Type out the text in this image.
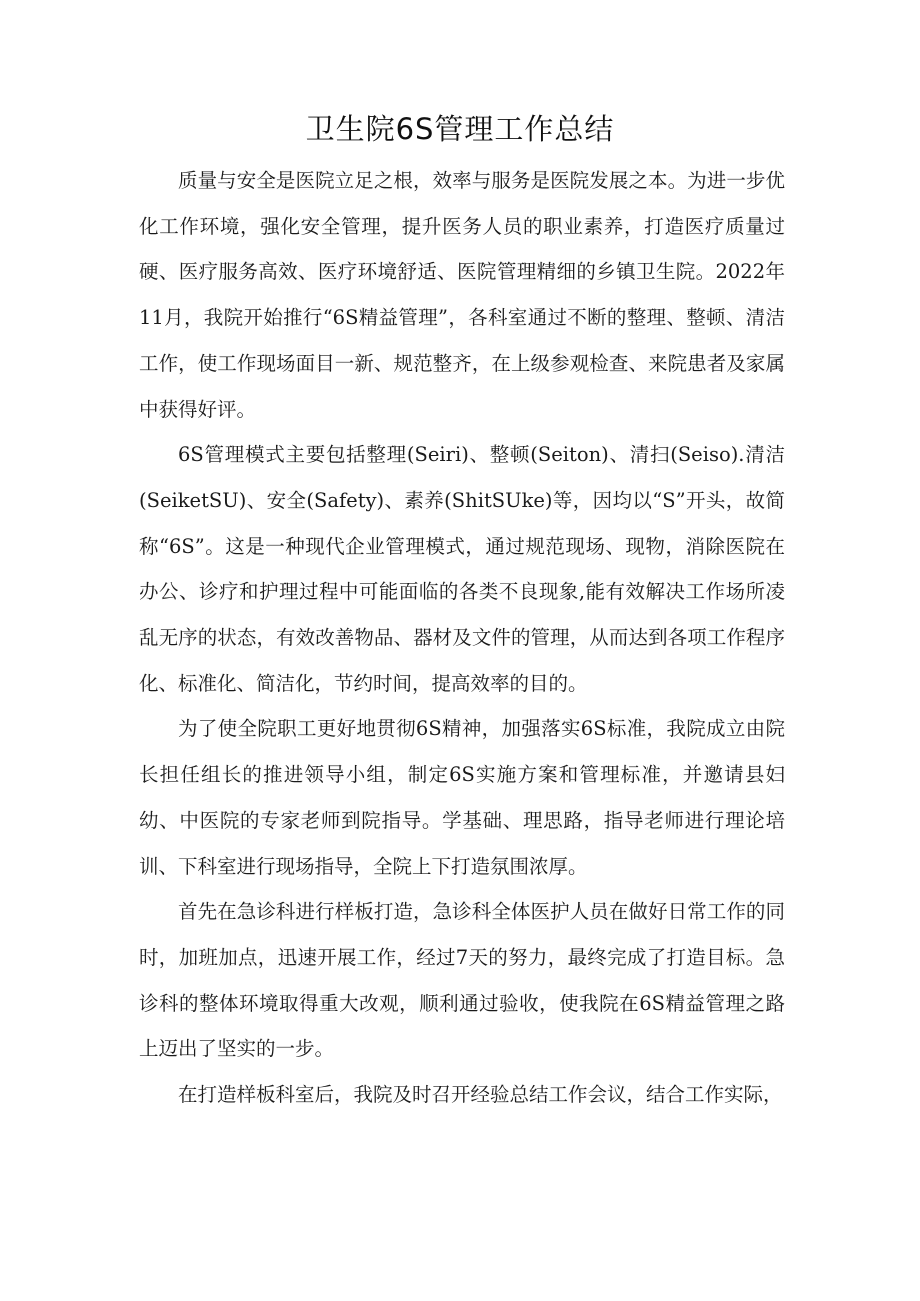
卫生院6S管理工作总结

质量与安全是医院立足之根，效率与服务是医院发展之本。为进一步优化工作环境，强化安全管理，提升医务人员的职业素养，打造医疗质量过硬、医疗服务高效、医疗环境舒适、医院管理精细的乡镇卫生院。2022年11月，我院开始推行“6S精益管理”，各科室通过不断的整理、整顿、清洁工作，使工作现场面目一新、规范整齐，在上级参观检查、来院患者及家属中获得好评。

6S管理模式主要包括整理(Seiri)、整顿(Seiton)、清扫(Seiso).清洁(SeiketSU)、安全(Safety)、素养(ShitSUke)等，因均以“S”开头，故简称“6S”。这是一种现代企业管理模式，通过规范现场、现物，消除医院在办公、诊疗和护理过程中可能面临的各类不良现象,能有效解决工作场所凌乱无序的状态，有效改善物品、器材及文件的管理，从而达到各项工作程序化、标准化、简洁化，节约时间，提高效率的目的。

为了使全院职工更好地贯彻6S精神，加强落实6S标准，我院成立由院长担任组长的推进领导小组，制定6S实施方案和管理标准，并邀请县妇幼、中医院的专家老师到院指导。学基础、理思路，指导老师进行理论培训、下科室进行现场指导，全院上下打造氛围浓厚。

首先在急诊科进行样板打造，急诊科全体医护人员在做好日常工作的同时，加班加点，迅速开展工作，经过7天的努力，最终完成了打造目标。急诊科的整体环境取得重大改观，顺利通过验收，使我院在6S精益管理之路上迈出了坚实的一步。

在打造样板科室后，我院及时召开经验总结工作会议，结合工作实际，
